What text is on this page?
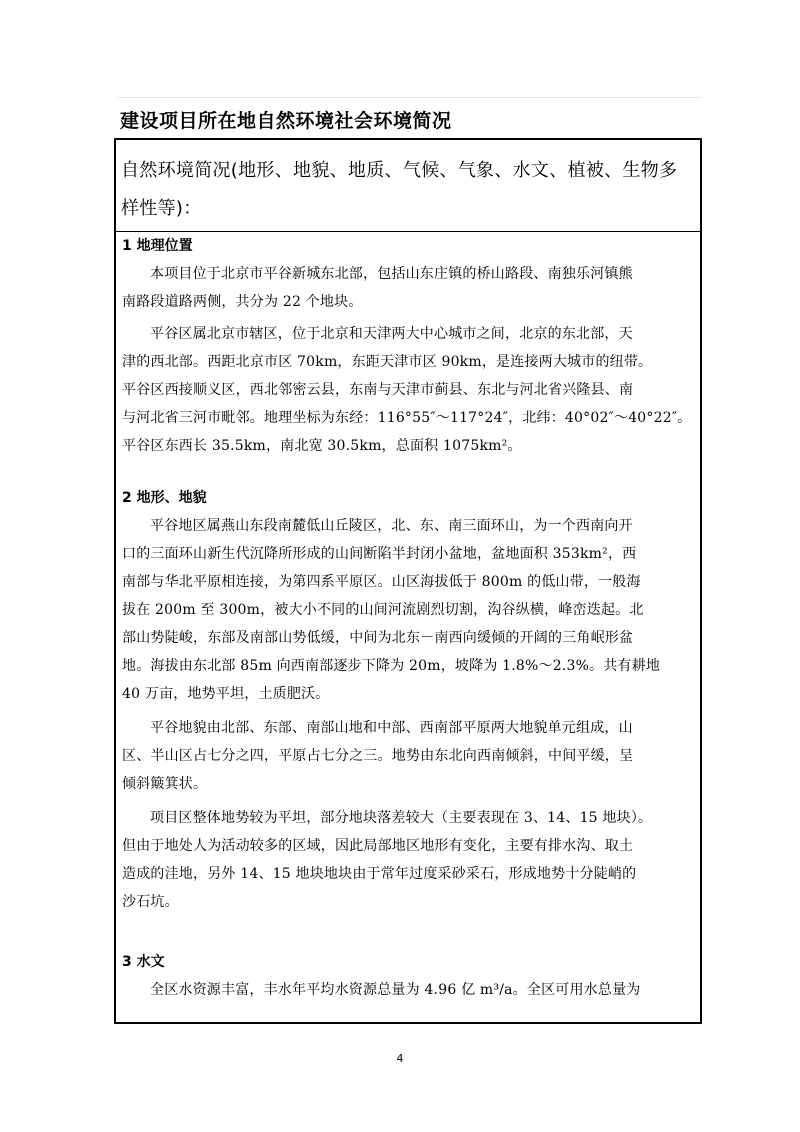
建设项目所在地自然环境社会环境简况
自然环境简况(地形、地貌、地质、气候、气象、水文、植被、生物多样性等)：
1 地理位置
本项目位于北京市平谷新城东北部，包括山东庄镇的桥山路段、南独乐河镇熊
南路段道路两侧，共分为 22 个地块。
平谷区属北京市辖区，位于北京和天津两大中心城市之间，北京的东北部，天
津的西北部。西距北京市区 70km，东距天津市区 90km，是连接两大城市的纽带。
平谷区西接顺义区，西北邻密云县，东南与天津市蓟县、东北与河北省兴隆县、南
与河北省三河市毗邻。地理坐标为东经：116°55″～117°24″，北纬：40°02″～40°22″。
平谷区东西长 35.5km，南北宽 30.5km，总面积 1075km²。
2 地形、地貌
平谷地区属燕山东段南麓低山丘陵区，北、东、南三面环山，为一个西南向开
口的三面环山新生代沉降所形成的山间断陷半封闭小盆地，盆地面积 353km²，西
南部与华北平原相连接，为第四系平原区。山区海拔低于 800m 的低山带，一般海
拔在 200m 至 300m，被大小不同的山间河流剧烈切割，沟谷纵横，峰峦迭起。北
部山势陡峻，东部及南部山势低缓，中间为北东－南西向缓倾的开阔的三角岷形盆
地。海拔由东北部 85m 向西南部逐步下降为 20m，坡降为 1.8%～2.3%。共有耕地
40 万亩，地势平坦，土质肥沃。
平谷地貌由北部、东部、南部山地和中部、西南部平原两大地貌单元组成，山
区、半山区占七分之四，平原占七分之三。地势由东北向西南倾斜，中间平缓，呈
倾斜簸箕状。
项目区整体地势较为平坦，部分地块落差较大（主要表现在 3、14、15 地块）。
但由于地处人为活动较多的区域，因此局部地区地形有变化，主要有排水沟、取土
造成的洼地，另外 14、15 地块地块由于常年过度采砂采石，形成地势十分陡峭的
沙石坑。
3 水文
全区水资源丰富，丰水年平均水资源总量为 4.96 亿 m³/a。全区可用水总量为
4
